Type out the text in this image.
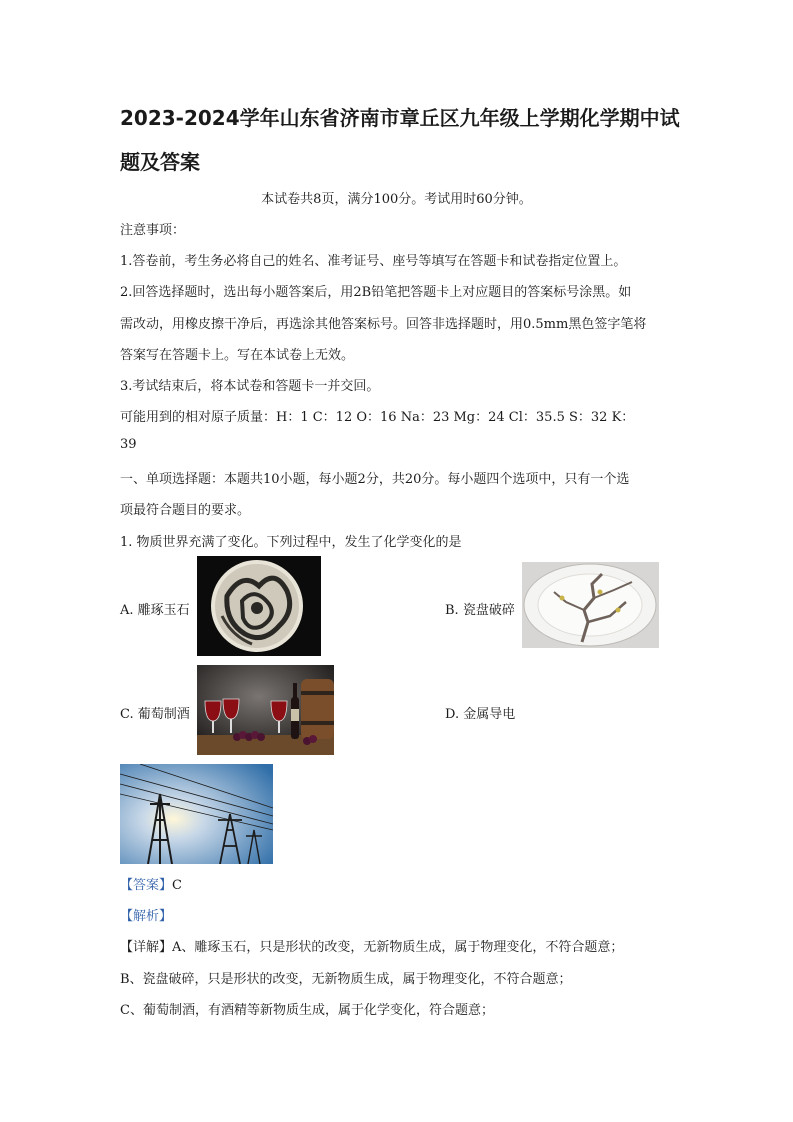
2023-2024学年山东省济南市章丘区九年级上学期化学期中试题及答案
本试卷共8页，满分100分。考试用时60分钟。
注意事项：
1.答卷前，考生务必将自己的姓名、准考证号、座号等填写在答题卡和试卷指定位置上。
2.回答选择题时，选出每小题答案后，用2B铅笔把答题卡上对应题目的答案标号涂黑。如
需改动，用橡皮擦干净后，再选涂其他答案标号。回答非选择题时，用0.5mm黑色签字笔将
答案写在答题卡上。写在本试卷上无效。
3.考试结束后，将本试卷和答题卡一并交回。
可能用到的相对原子质量：H：1 C：12 O：16 Na：23 Mg：24 Cl：35.5 S：32 K：
39
一、单项选择题：本题共10小题，每小题2分，共20分。每小题四个选项中，只有一个选
项最符合题目的要求。
1. 物质世界充满了变化。下列过程中，发生了化学变化的是
A. 雕琢玉石	B. 瓷盘破碎
C. 葡萄制酒	D. 金属导电
【答案】C
【解析】
【详解】A、雕琢玉石，只是形状的改变，无新物质生成，属于物理变化，不符合题意；
B、瓷盘破碎，只是形状的改变，无新物质生成，属于物理变化，不符合题意；
C、葡萄制酒，有酒精等新物质生成，属于化学变化，符合题意；
